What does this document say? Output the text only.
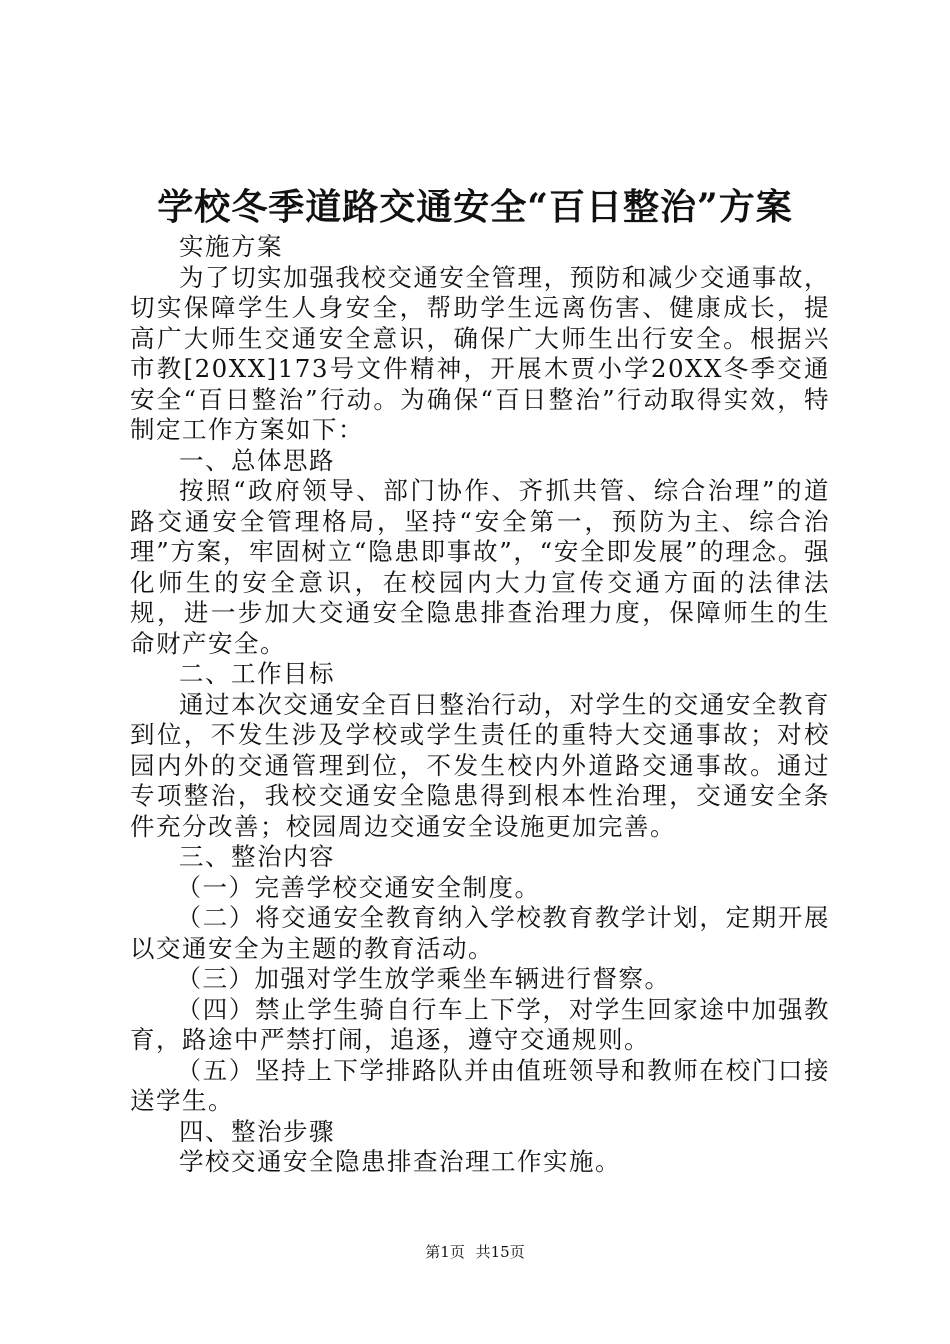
学校冬季道路交通安全“百日整治”方案

实施方案

为了切实加强我校交通安全管理，预防和减少交通事故，切实保障学生人身安全，帮助学生远离伤害、健康成长，提高广大师生交通安全意识，确保广大师生出行安全。根据兴市教[20XX]173号文件精神，开展木贾小学20XX冬季交通安全“百日整治”行动。为确保“百日整治”行动取得实效，特制定工作方案如下：

一、总体思路

按照“政府领导、部门协作、齐抓共管、综合治理”的道路交通安全管理格局，坚持“安全第一，预防为主、综合治理”方案，牢固树立“隐患即事故”，“安全即发展”的理念。强化师生的安全意识，在校园内大力宣传交通方面的法律法规，进一步加大交通安全隐患排查治理力度，保障师生的生命财产安全。

二、工作目标

通过本次交通安全百日整治行动，对学生的交通安全教育到位，不发生涉及学校或学生责任的重特大交通事故；对校园内外的交通管理到位，不发生校内外道路交通事故。通过专项整治，我校交通安全隐患得到根本性治理，交通安全条件充分改善；校园周边交通安全设施更加完善。

三、整治内容

（一）完善学校交通安全制度。

（二）将交通安全教育纳入学校教育教学计划，定期开展以交通安全为主题的教育活动。

（三）加强对学生放学乘坐车辆进行督察。

（四）禁止学生骑自行车上下学，对学生回家途中加强教育，路途中严禁打闹，追逐，遵守交通规则。

（五）坚持上下学排路队并由值班领导和教师在校门口接送学生。

四、整治步骤

学校交通安全隐患排查治理工作实施。

第1页 共15页
